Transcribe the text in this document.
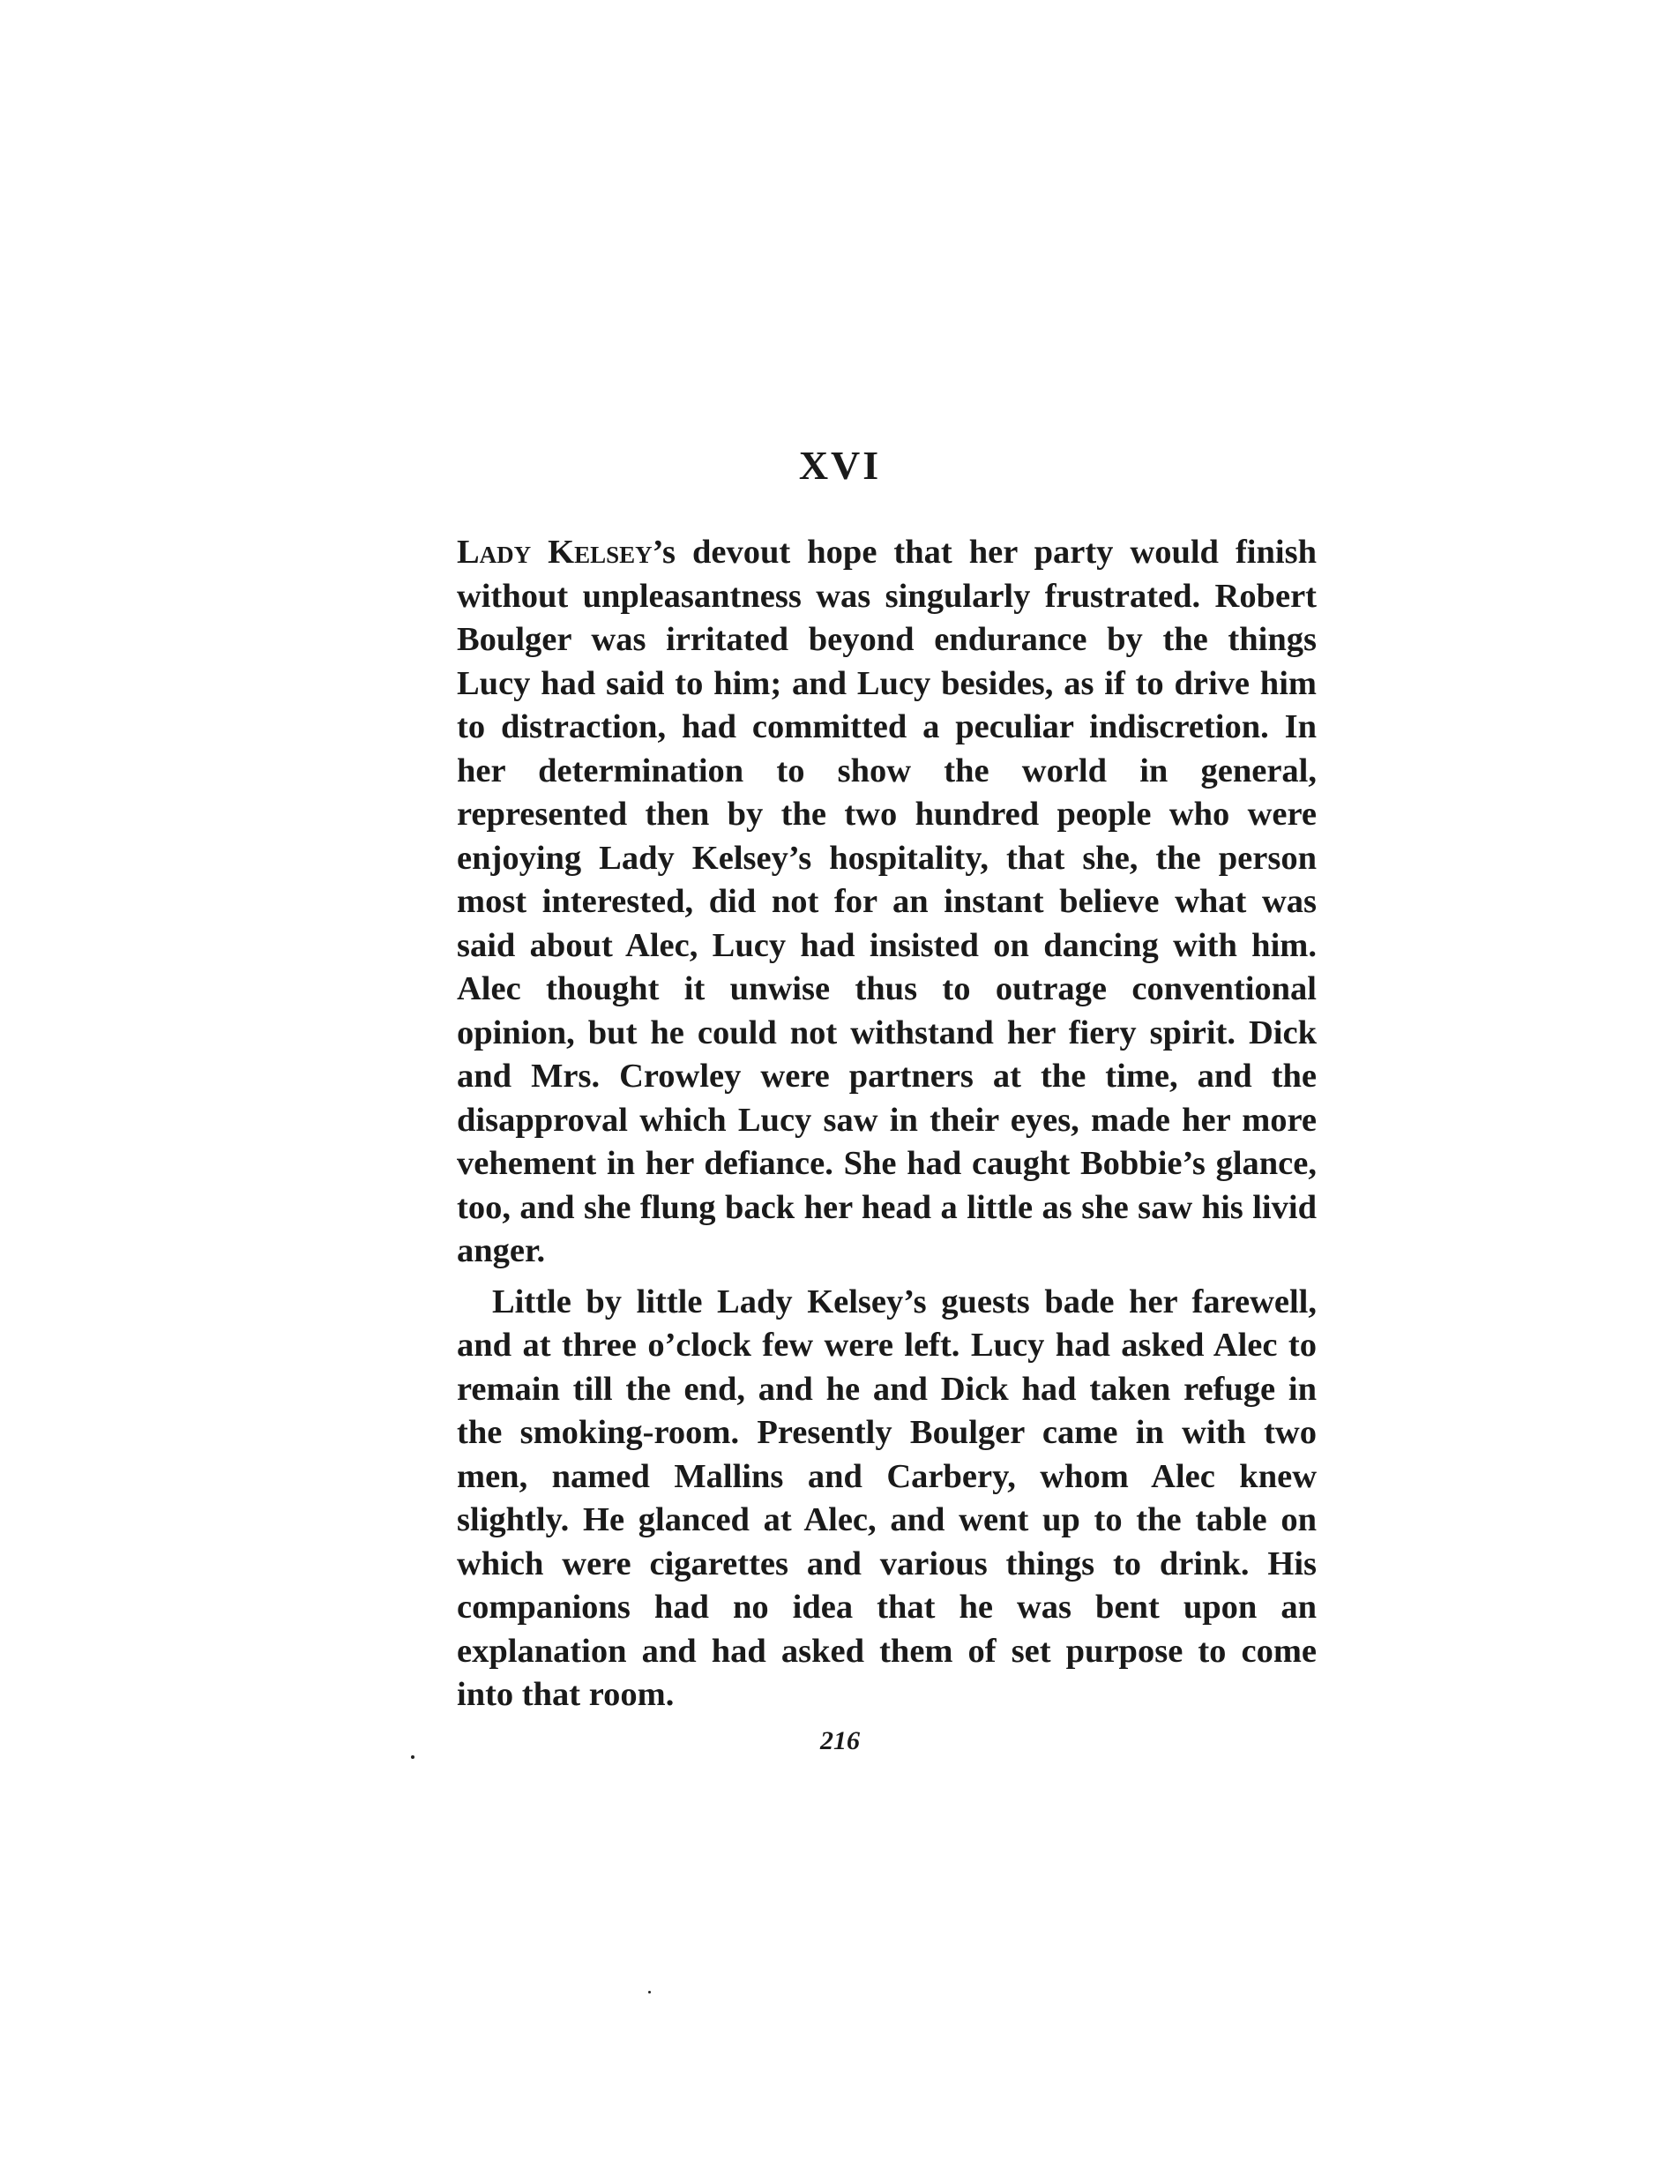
XVI

Lady Kelsey’s devout hope that her party would finish without unpleasantness was singularly frustrated. Robert Boulger was irritated beyond endurance by the things Lucy had said to him; and Lucy besides, as if to drive him to distraction, had committed a peculiar indiscretion. In her determination to show the world in general, represented then by the two hundred people who were enjoying Lady Kelsey’s hospitality, that she, the person most interested, did not for an instant believe what was said about Alec, Lucy had insisted on dancing with him. Alec thought it unwise thus to outrage conventional opinion, but he could not withstand her fiery spirit. Dick and Mrs. Crowley were partners at the time, and the disapproval which Lucy saw in their eyes, made her more vehement in her defiance. She had caught Bobbie’s glance, too, and she flung back her head a little as she saw his livid anger.

Little by little Lady Kelsey’s guests bade her farewell, and at three o’clock few were left. Lucy had asked Alec to remain till the end, and he and Dick had taken refuge in the smoking-room. Presently Boulger came in with two men, named Mallins and Carbery, whom Alec knew slightly. He glanced at Alec, and went up to the table on which were cigarettes and various things to drink. His companions had no idea that he was bent upon an explanation and had asked them of set purpose to come into that room.

216
